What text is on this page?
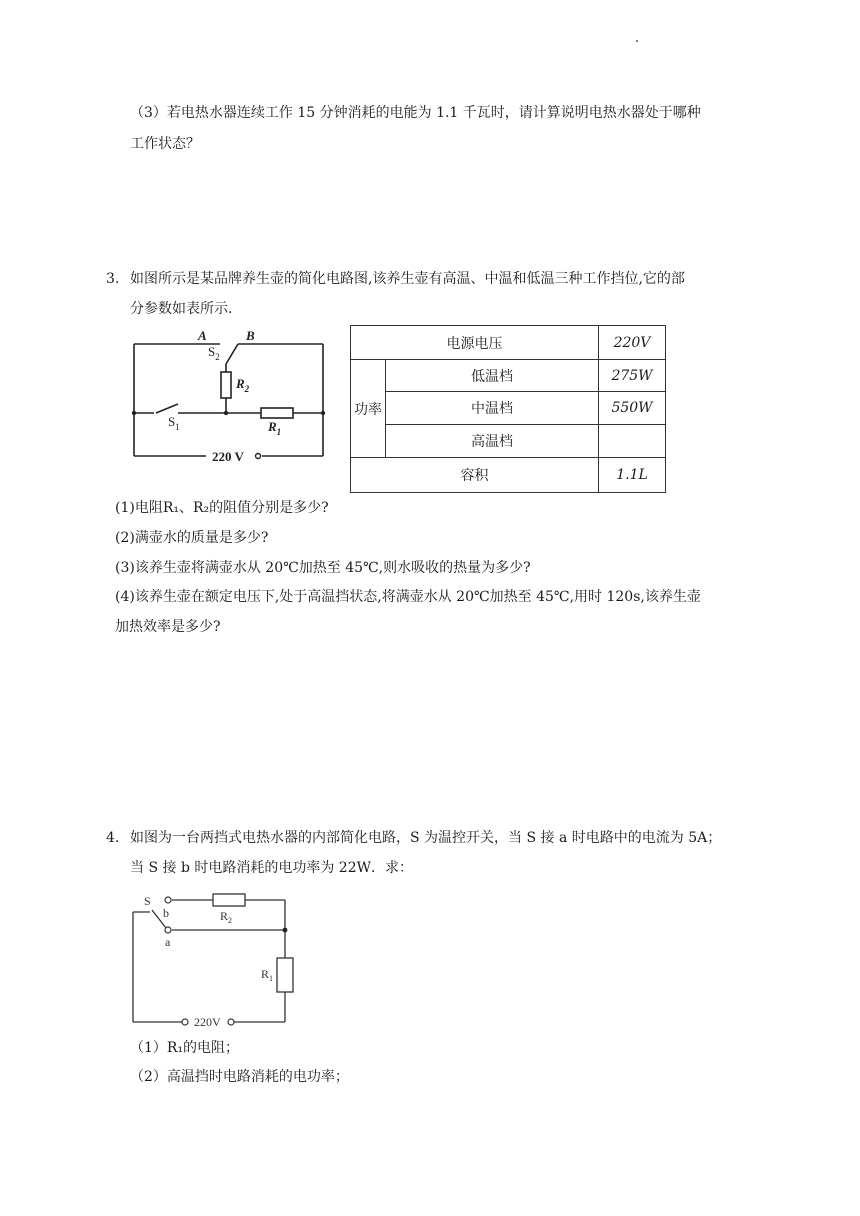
（3）若电热水器连续工作 15 分钟消耗的电能为 1.1 千瓦时，请计算说明电热水器处于哪种
工作状态？
3. 如图所示是某品牌养生壶的简化电路图,该养生壶有高温、中温和低温三种工作挡位,它的部
分参数如表所示.
A	B
$R_2$
$R_1$
$S_2$
$S_1$
220 V
电源电压		220V
功率	低温档	275W
	中温档	550W
	高温档	
容积		1.1L
(1)电阻R₁、R₂的阻值分别是多少?
(2)满壶水的质量是多少?
(3)该养生壶将满壶水从 20℃加热至 45℃,则水吸收的热量为多少?
(4)该养生壶在额定电压下,处于高温挡状态,将满壶水从 20℃加热至 45℃,用时 120s,该养生壶
加热效率是多少?
4. 如图为一台两挡式电热水器的内部简化电路，S 为温控开关，当 S 接 a 时电路中的电流为 5A；
当 S 接 b 时电路消耗的电功率为 22W．求：
S
b
a
$R_2$
$R_1$
220V
（1）R₁的电阻；
（2）高温挡时电路消耗的电功率；
